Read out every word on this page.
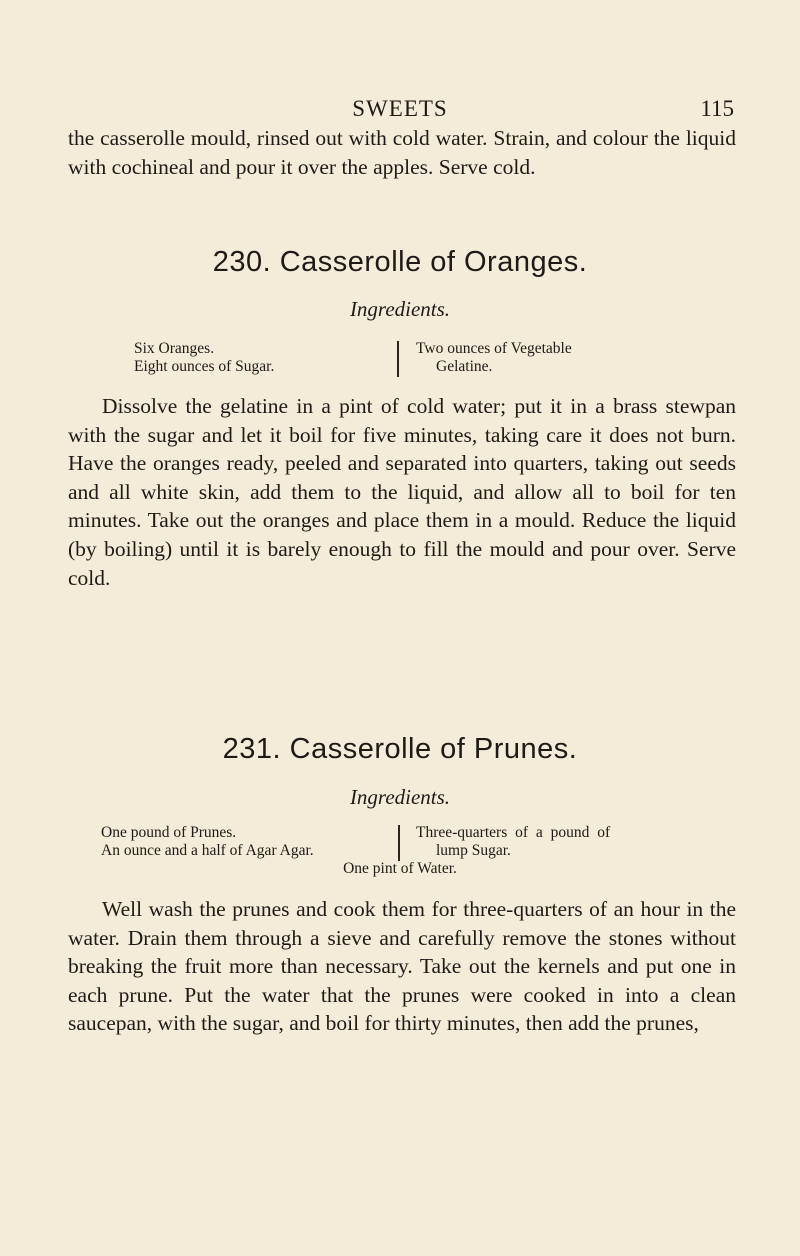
SWEETS	115

the casserolle mould, rinsed out with cold water. Strain, and colour the liquid with cochineal and pour it over the apples. Serve cold.

230. Casserolle of Oranges.
Ingredients.
Six Oranges.
Eight ounces of Sugar.
Two ounces of Vegetable
Gelatine.

Dissolve the gelatine in a pint of cold water; put it in a brass stewpan with the sugar and let it boil for five minutes, taking care it does not burn. Have the oranges ready, peeled and separated into quarters, taking out seeds and all white skin, add them to the liquid, and allow all to boil for ten minutes. Take out the oranges and place them in a mould. Reduce the liquid (by boiling) until it is barely enough to fill the mould and pour over. Serve cold.

231. Casserolle of Prunes.
Ingredients.
One pound of Prunes.
An ounce and a half of Agar Agar.
Three-quarters of a pound of
lump Sugar.
One pint of Water.

Well wash the prunes and cook them for three-quarters of an hour in the water. Drain them through a sieve and carefully remove the stones without breaking the fruit more than necessary. Take out the kernels and put one in each prune. Put the water that the prunes were cooked in into a clean saucepan, with the sugar, and boil for thirty minutes, then add the prunes,
